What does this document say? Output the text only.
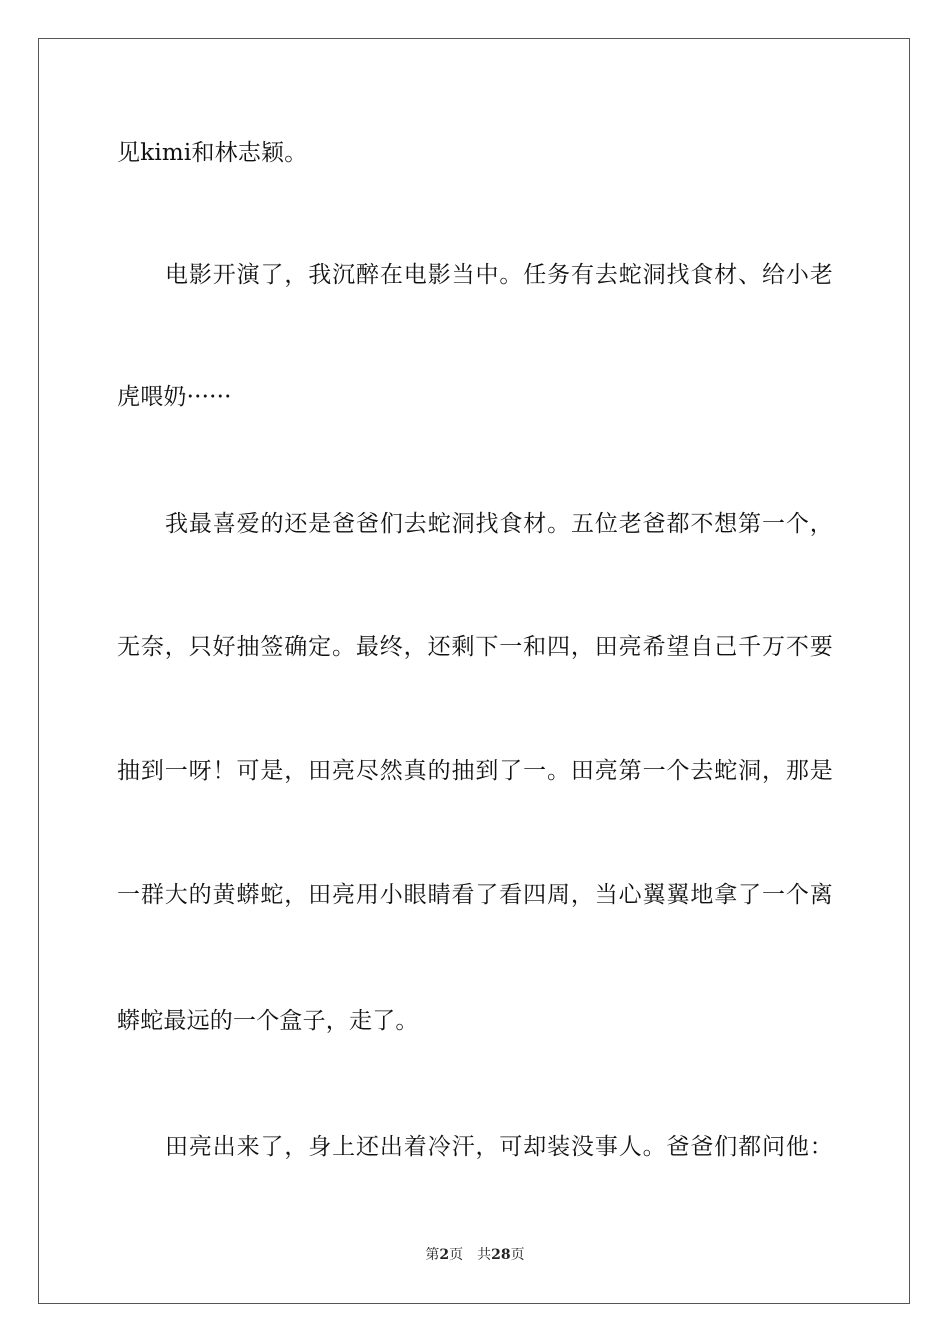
见kimi和林志颖。
电影开演了，我沉醉在电影当中。任务有去蛇洞找食材、给小老
虎喂奶······
我最喜爱的还是爸爸们去蛇洞找食材。五位老爸都不想第一个，
无奈，只好抽签确定。最终，还剩下一和四，田亮希望自己千万不要
抽到一呀！可是，田亮尽然真的抽到了一。田亮第一个去蛇洞，那是
一群大的黄蟒蛇，田亮用小眼睛看了看四周，当心翼翼地拿了一个离
蟒蛇最远的一个盒子，走了。
田亮出来了，身上还出着冷汗，可却装没事人。爸爸们都问他：
第2页 共28页
